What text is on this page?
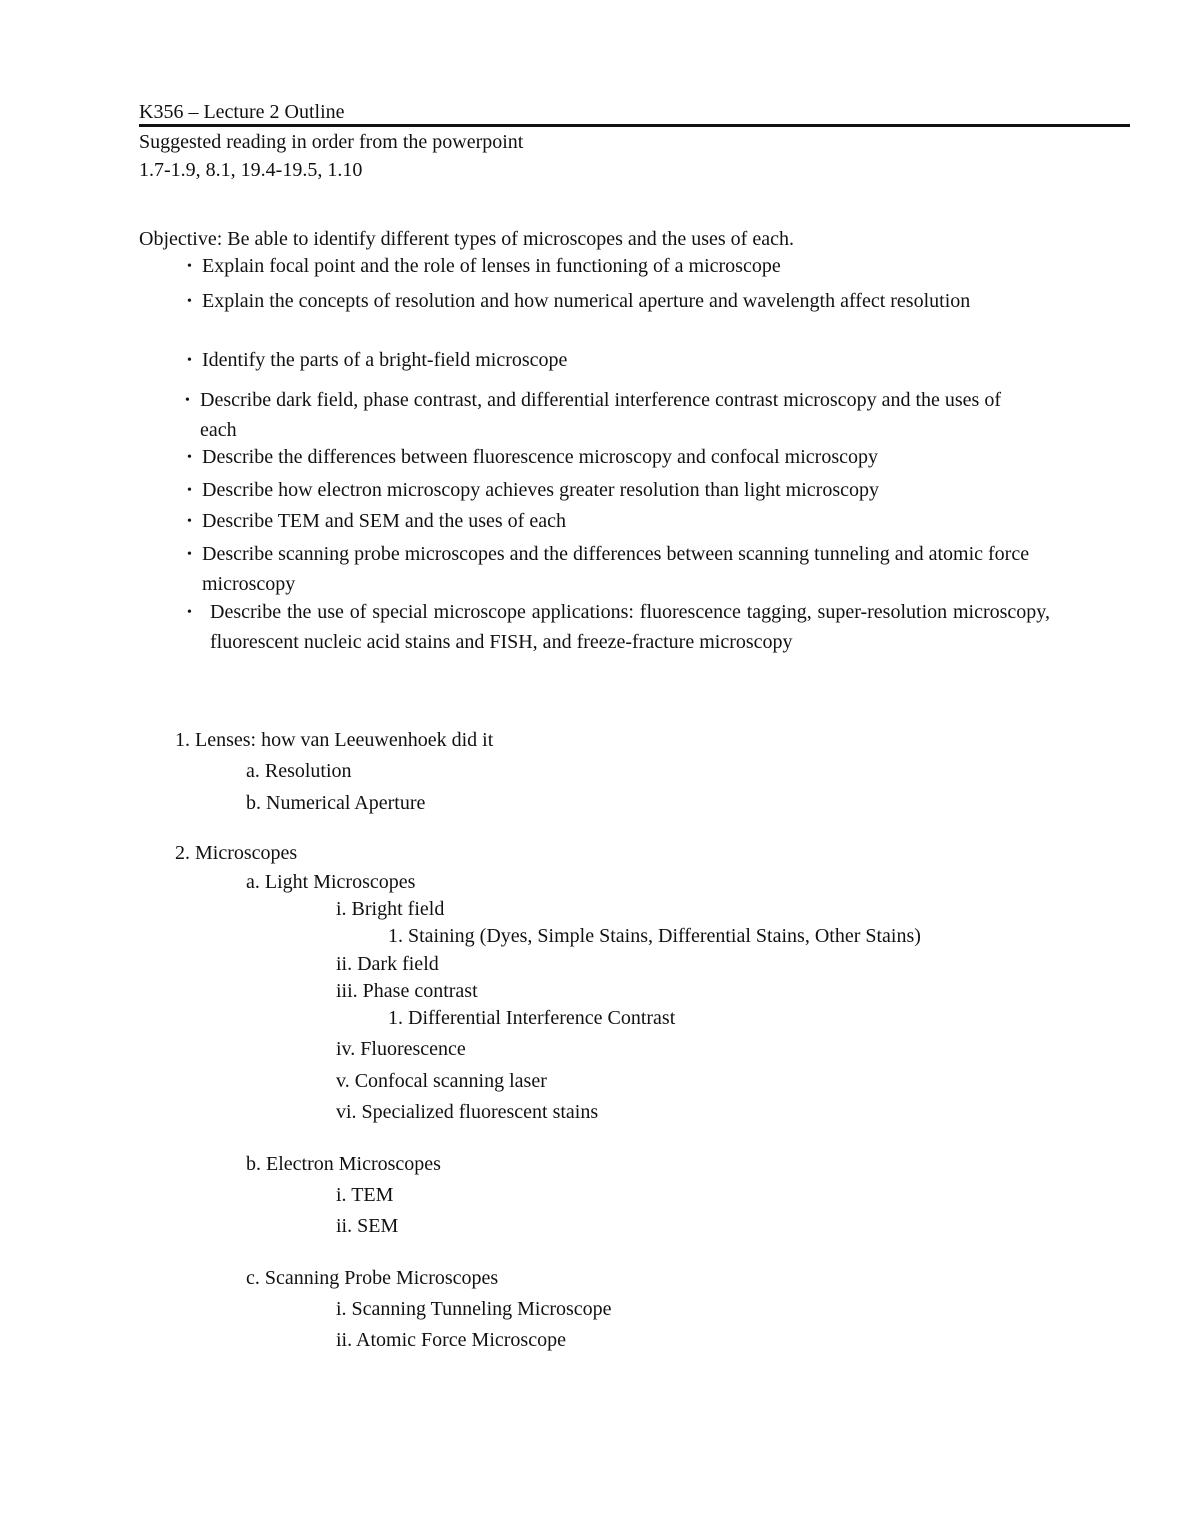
K356 – Lecture 2 Outline
Suggested reading in order from the powerpoint
1.7-1.9, 8.1, 19.4-19.5, 1.10
Objective: Be able to identify different types of microscopes and the uses of each.
• Explain focal point and the role of lenses in functioning of a microscope
• Explain the concepts of resolution and how numerical aperture and wavelength affect resolution
• Identify the parts of a bright-field microscope
• Describe dark field, phase contrast, and differential interference contrast microscopy and the uses of each
• Describe the differences between fluorescence microscopy and confocal microscopy
• Describe how electron microscopy achieves greater resolution than light microscopy
• Describe TEM and SEM and the uses of each
• Describe scanning probe microscopes and the differences between scanning tunneling and atomic force microscopy
• Describe the use of special microscope applications: fluorescence tagging, super-resolution microscopy, fluorescent nucleic acid stains and FISH, and freeze-fracture microscopy
1. Lenses: how van Leeuwenhoek did it
a. Resolution
b. Numerical Aperture
2. Microscopes
a. Light Microscopes
i. Bright field
1. Staining (Dyes, Simple Stains, Differential Stains, Other Stains)
ii. Dark field
iii. Phase contrast
1. Differential Interference Contrast
iv. Fluorescence
v. Confocal scanning laser
vi. Specialized fluorescent stains
b. Electron Microscopes
i. TEM
ii. SEM
c. Scanning Probe Microscopes
i. Scanning Tunneling Microscope
ii. Atomic Force Microscope
